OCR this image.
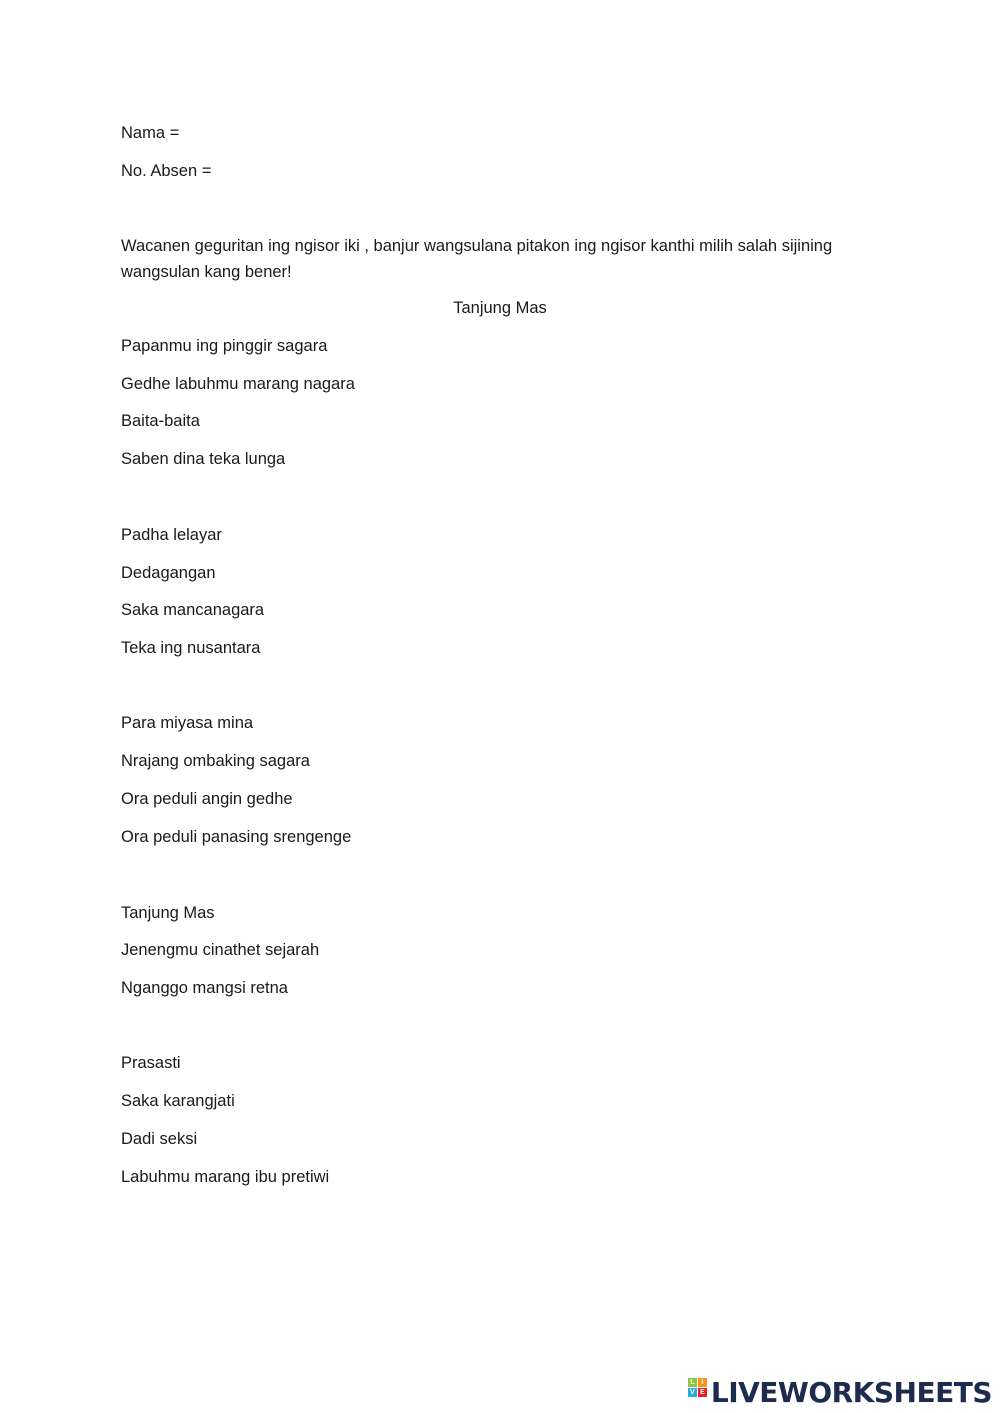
Nama =
No. Absen =
Wacanen geguritan ing ngisor iki , banjur wangsulana pitakon ing ngisor kanthi milih salah sijining wangsulan kang bener!
Tanjung Mas
Papanmu ing pinggir sagara
Gedhe labuhmu marang nagara
Baita-baita
Saben dina teka lunga
Padha lelayar
Dedagangan
Saka mancanagara
Teka ing nusantara
Para miyasa mina
Nrajang ombaking sagara
Ora peduli angin gedhe
Ora peduli panasing srengenge
Tanjung Mas
Jenengmu cinathet sejarah
Nganggo mangsi retna
Prasasti
Saka karangjati
Dadi seksi
Labuhmu marang ibu pretiwi
L I
V E LIVEWORKSHEETS
